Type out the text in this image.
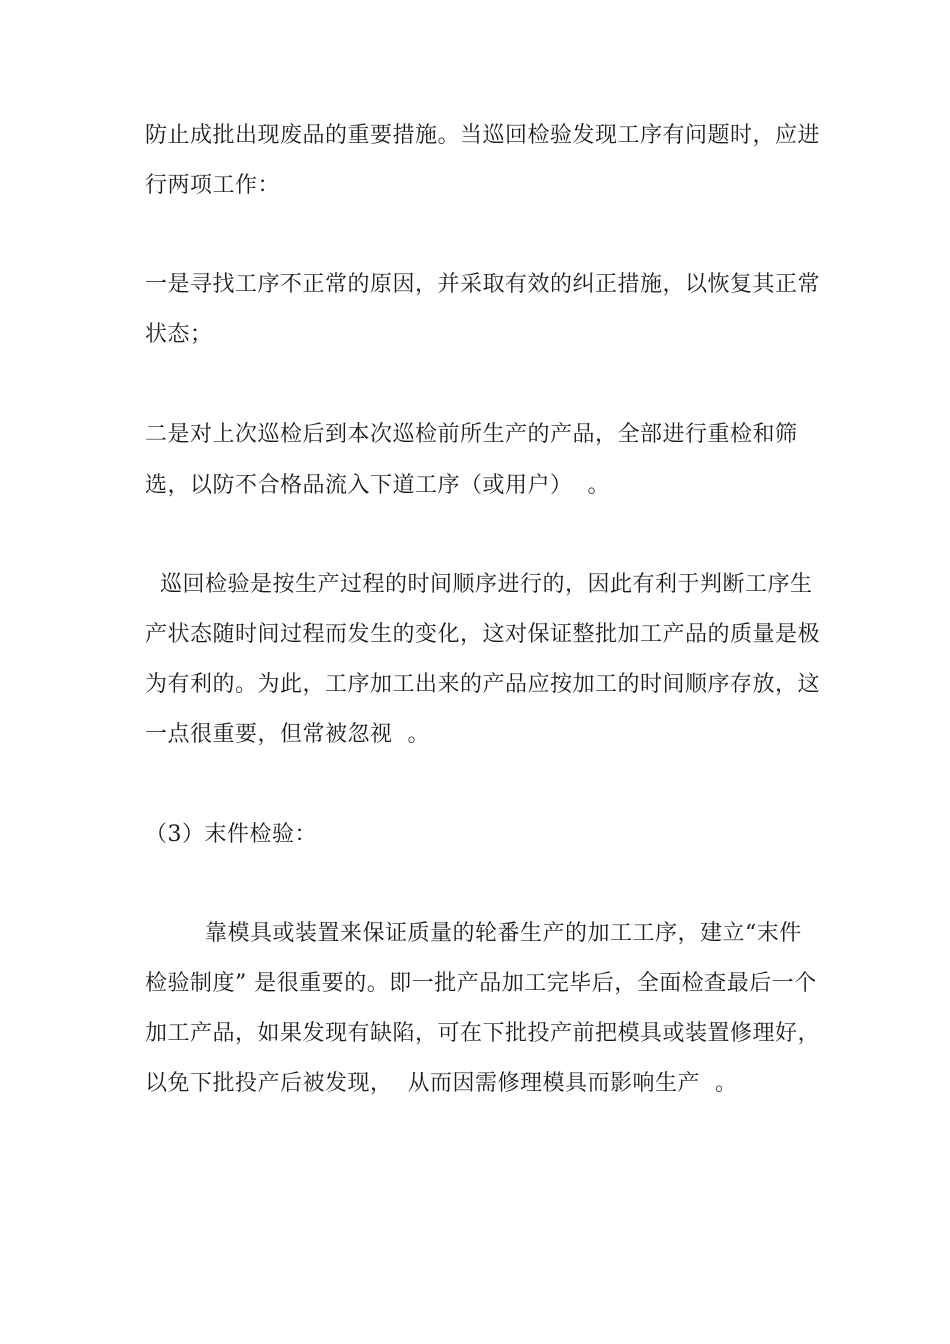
防止成批出现废品的重要措施。当巡回检验发现工序有问题时，应进
行两项工作：
一是寻找工序不正常的原因，并采取有效的纠正措施，以恢复其正常
状态；
二是对上次巡检后到本次巡检前所生产的产品，全部进行重检和筛
选，以防不合格品流入下道工序（或用户）  。
巡回检验是按生产过程的时间顺序进行的，因此有利于判断工序生
产状态随时间过程而发生的变化，这对保证整批加工产品的质量是极
为有利的。为此，工序加工出来的产品应按加工的时间顺序存放，这
一点很重要，但常被忽视  。
（3）末件检验：
靠模具或装置来保证质量的轮番生产的加工工序，建立“末件
检验制度” 是很重要的。即一批产品加工完毕后，全面检查最后一个
加工产品，如果发现有缺陷，可在下批投产前把模具或装置修理好，
以免下批投产后被发现，  从而因需修理模具而影响生产  。
